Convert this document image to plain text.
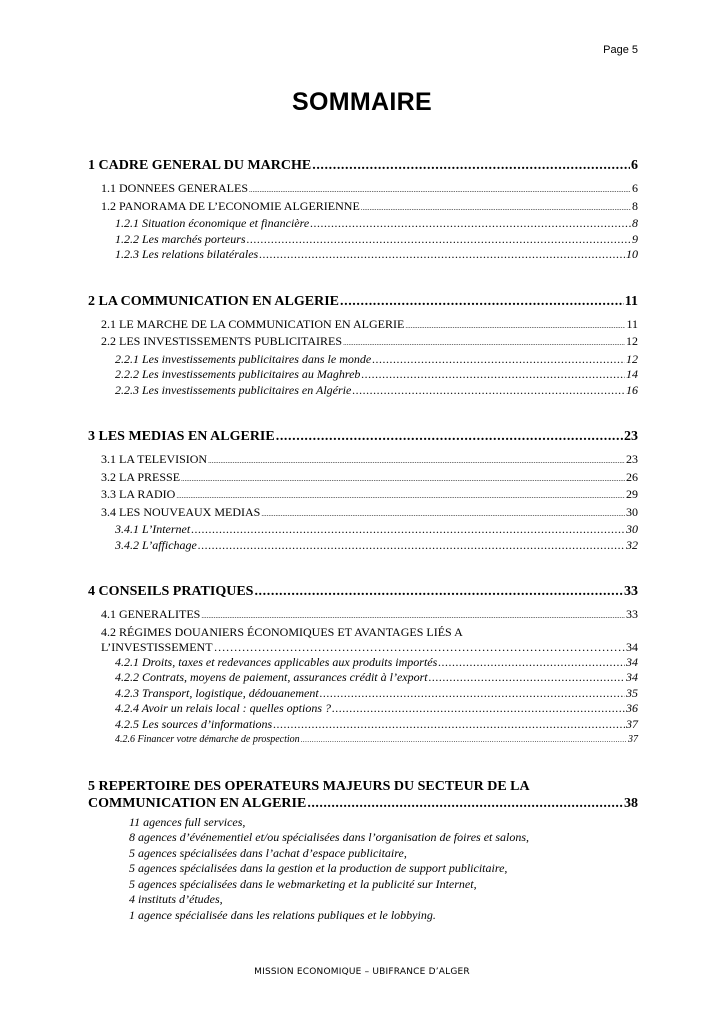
Page 5
SOMMAIRE
1 CADRE GENERAL DU MARCHE .....	6
1.1 DONNEES GENERALES .....	6
1.2 PANORAMA DE L’ECONOMIE ALGERIENNE .....	8
1.2.1 Situation économique et financière .....	8
1.2.2 Les marchés porteurs .....	9
1.2.3 Les relations bilatérales .....	10
2 LA COMMUNICATION EN ALGERIE .....	11
2.1 LE MARCHE DE LA COMMUNICATION EN ALGERIE .....	11
2.2 LES INVESTISSEMENTS PUBLICITAIRES .....	12
2.2.1 Les investissements publicitaires dans le monde .....	12
2.2.2 Les investissements publicitaires au Maghreb .....	14
2.2.3 Les investissements publicitaires en Algérie .....	16
3 LES MEDIAS EN ALGERIE .....	23
3.1 LA TELEVISION .....	23
3.2 LA PRESSE .....	26
3.3 LA RADIO .....	29
3.4 LES NOUVEAUX MEDIAS .....	30
3.4.1 L’Internet .....	30
3.4.2 L’affichage .....	32
4 CONSEILS PRATIQUES .....	33
4.1 GENERALITES .....	33
4.2 RÉGIMES DOUANIERS ÉCONOMIQUES ET AVANTAGES LIÉS A
L’INVESTISSEMENT ……………………………………………………………………………………………………………………………………	34
4.2.1 Droits, taxes et redevances applicables aux produits importés .....	34
4.2.2 Contrats, moyens de paiement, assurances crédit à l’export .....	34
4.2.3 Transport, logistique, dédouanement .....	35
4.2.4 Avoir un relais local : quelles options ? .....	36
4.2.5 Les sources d’informations .....	37
4.2.6 Financer votre démarche de prospection .....	37
5 REPERTOIRE DES OPERATEURS MAJEURS DU SECTEUR DE LA
COMMUNICATION EN ALGERIE .....	38
11 agences full services,
8 agences d’événementiel et/ou spécialisées dans l’organisation de foires et salons,
5 agences spécialisées dans l’achat d’espace publicitaire,
5 agences spécialisées dans la gestion et la production de support publicitaire,
5 agences spécialisées dans le webmarketing et la publicité sur Internet,
4 instituts d’études,
1 agence spécialisée dans les relations publiques et le lobbying.
MISSION ECONOMIQUE – UBIFRANCE D’ALGER
